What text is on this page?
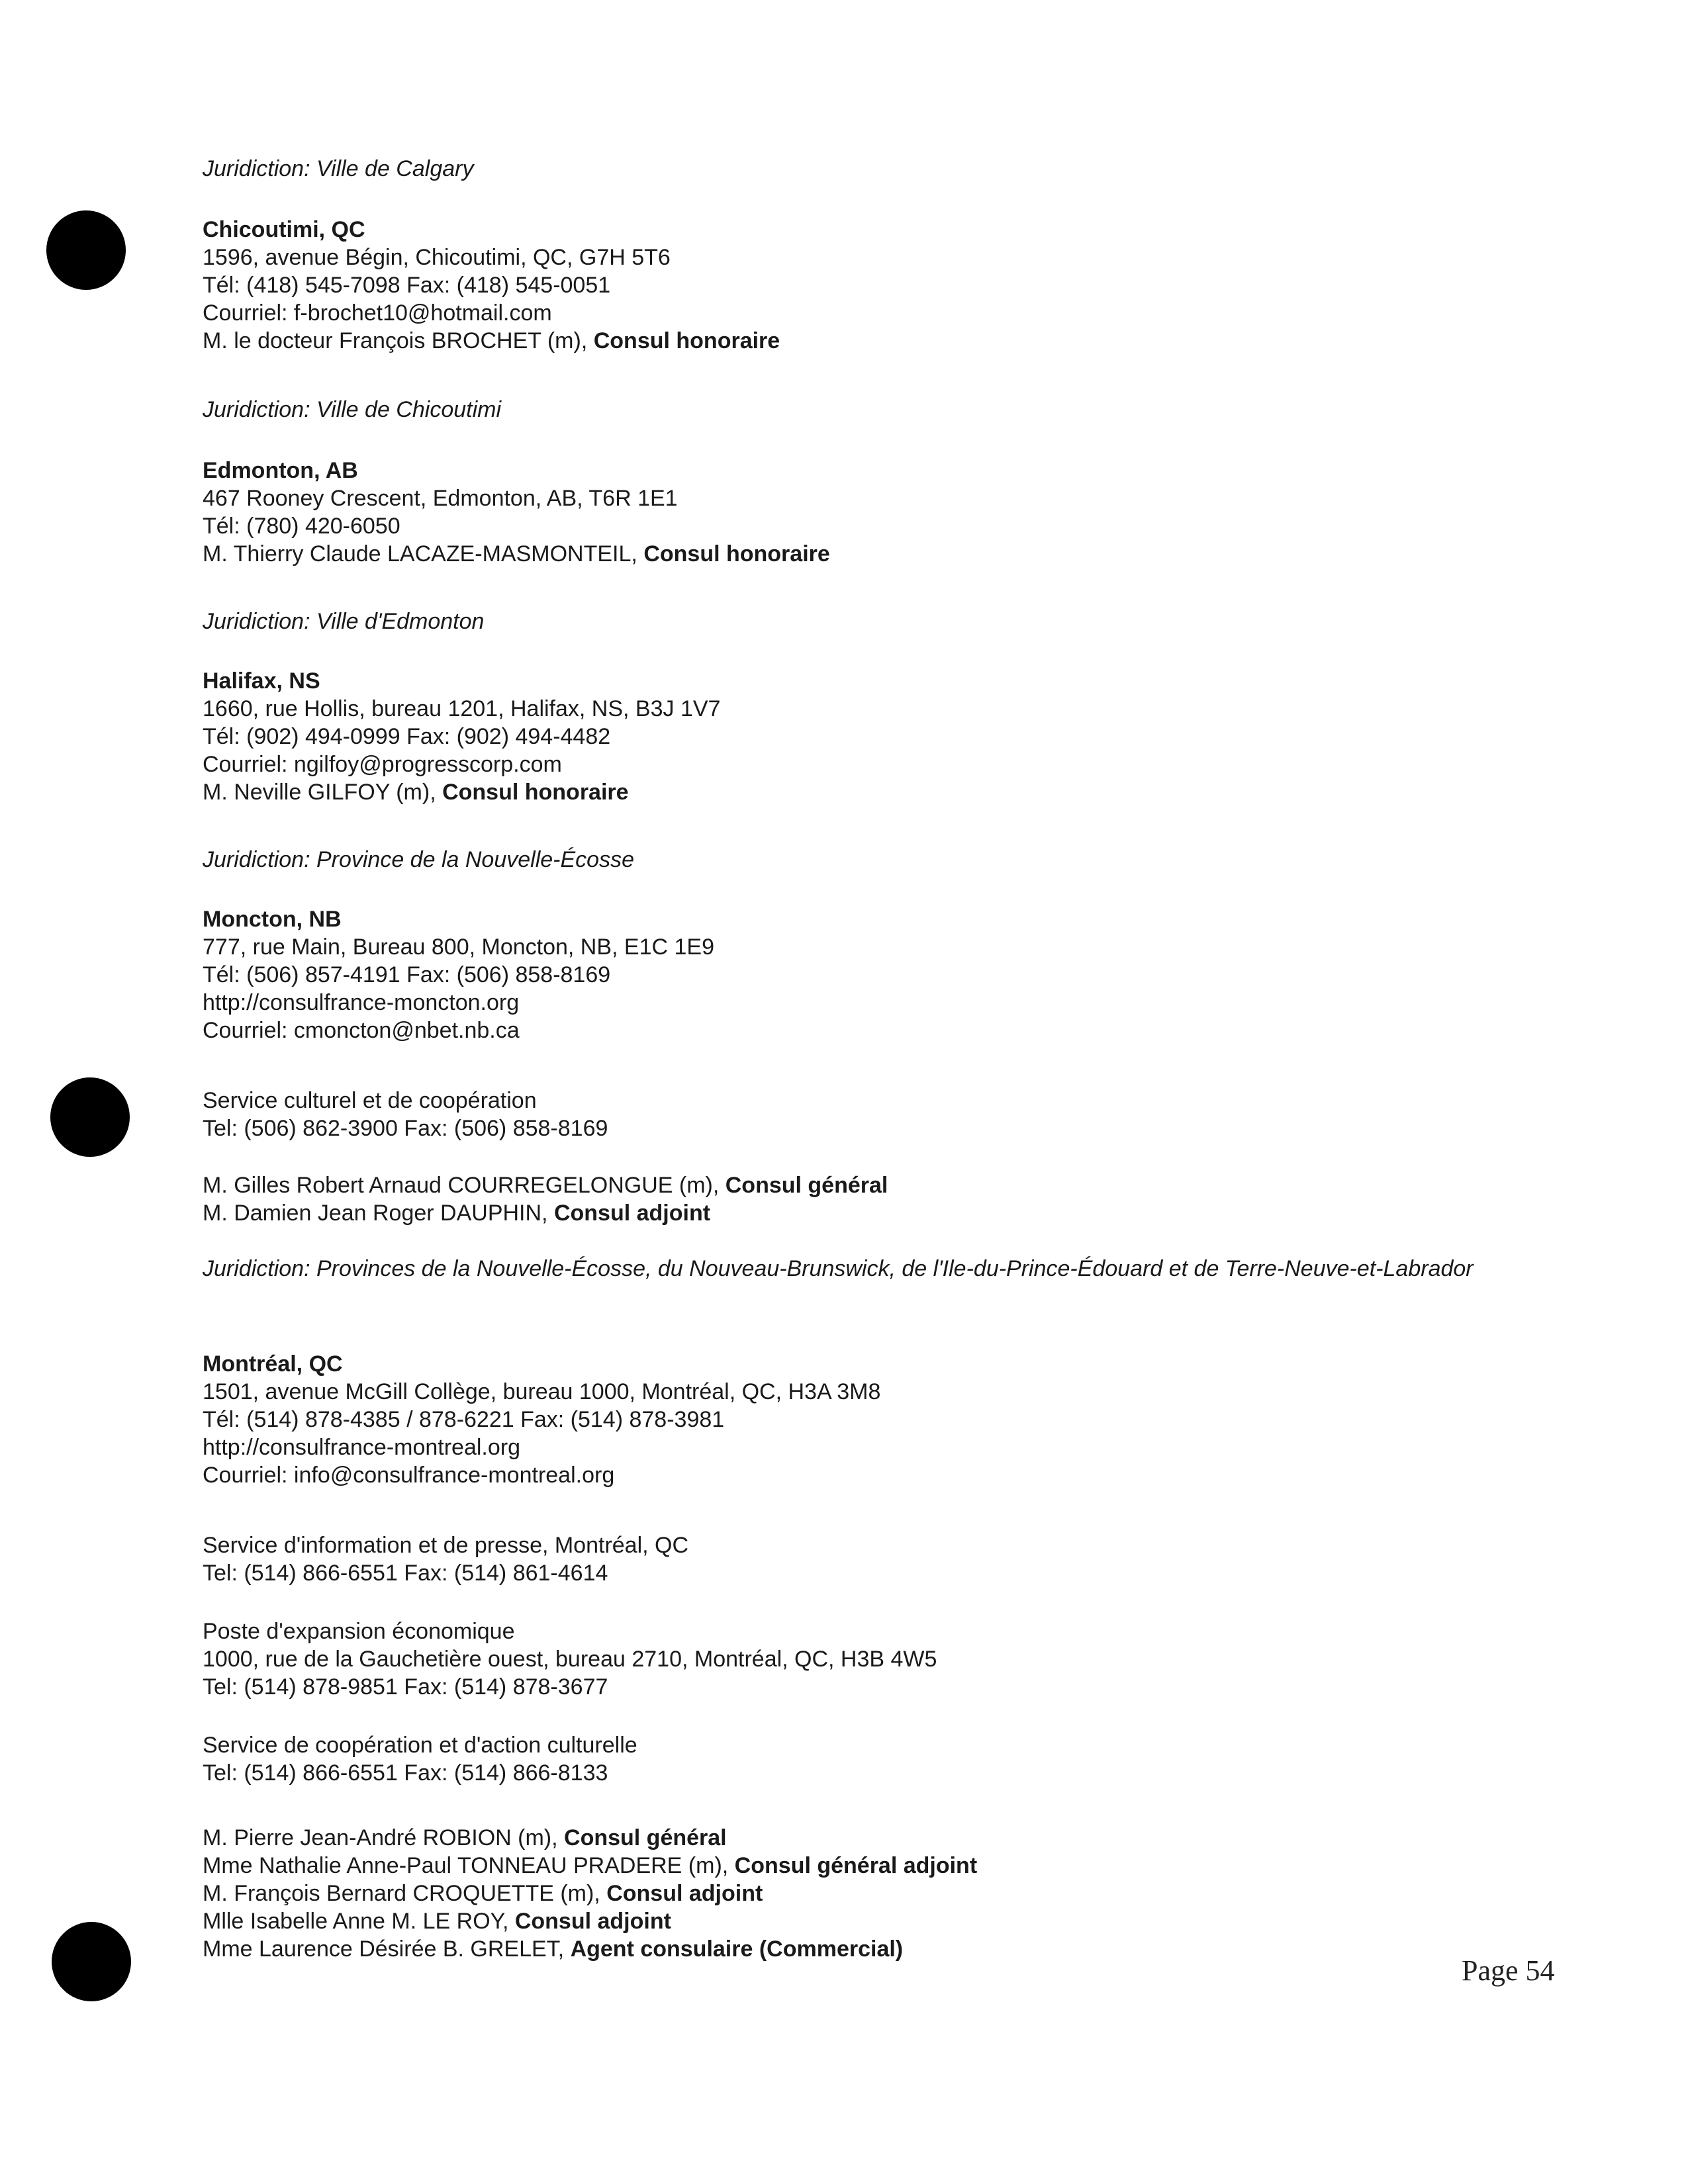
Juridiction: Ville de Calgary
Chicoutimi, QC
1596, avenue Bégin, Chicoutimi, QC, G7H 5T6
Tél: (418) 545-7098 Fax: (418) 545-0051
Courriel: f-brochet10@hotmail.com
M. le docteur François BROCHET (m), Consul honoraire
Juridiction: Ville de Chicoutimi
Edmonton, AB
467 Rooney Crescent, Edmonton, AB, T6R 1E1
Tél: (780) 420-6050
M. Thierry Claude LACAZE-MASMONTEIL, Consul honoraire
Juridiction: Ville d'Edmonton
Halifax, NS
1660, rue Hollis, bureau 1201, Halifax, NS, B3J 1V7
Tél: (902) 494-0999 Fax: (902) 494-4482
Courriel: ngilfoy@progresscorp.com
M. Neville GILFOY (m), Consul honoraire
Juridiction: Province de la Nouvelle-Écosse
Moncton, NB
777, rue Main, Bureau 800, Moncton, NB, E1C 1E9
Tél: (506) 857-4191 Fax: (506) 858-8169
http://consulfrance-moncton.org
Courriel: cmoncton@nbet.nb.ca
Service culturel et de coopération
Tel: (506) 862-3900 Fax: (506) 858-8169
M. Gilles Robert Arnaud COURREGELONGUE (m), Consul général
M. Damien Jean Roger DAUPHIN, Consul adjoint
Juridiction: Provinces de la Nouvelle-Écosse, du Nouveau-Brunswick, de l'Ile-du-Prince-Édouard et de Terre-Neuve-et-Labrador
Montréal, QC
1501, avenue McGill Collège, bureau 1000, Montréal, QC, H3A 3M8
Tél: (514) 878-4385 / 878-6221 Fax: (514) 878-3981
http://consulfrance-montreal.org
Courriel: info@consulfrance-montreal.org
Service d'information et de presse, Montréal, QC
Tel: (514) 866-6551 Fax: (514) 861-4614
Poste d'expansion économique
1000, rue de la Gauchetière ouest, bureau 2710, Montréal, QC, H3B 4W5
Tel: (514) 878-9851 Fax: (514) 878-3677
Service de coopération et d'action culturelle
Tel: (514) 866-6551 Fax: (514) 866-8133
M. Pierre Jean-André ROBION (m), Consul général
Mme Nathalie Anne-Paul TONNEAU PRADERE (m), Consul général adjoint
M. François Bernard CROQUETTE (m), Consul adjoint
Mlle Isabelle Anne M. LE ROY, Consul adjoint
Mme Laurence Désirée B. GRELET, Agent consulaire (Commercial)
Page 54
